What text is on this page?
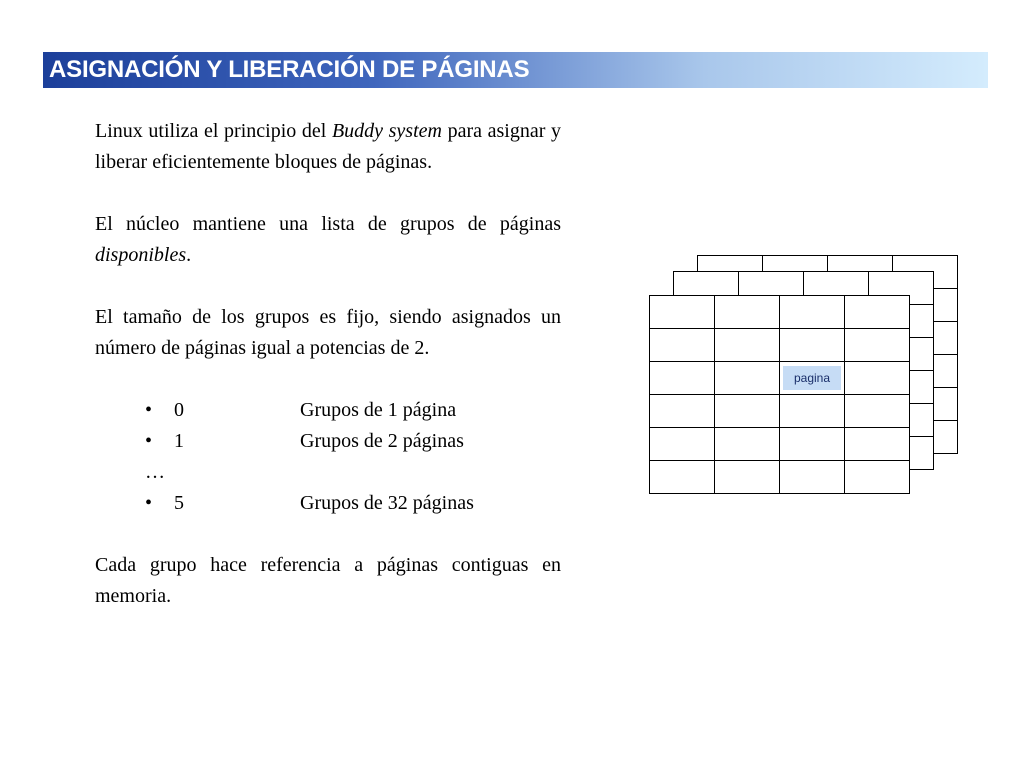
ASIGNACIÓN Y LIBERACIÓN DE PÁGINAS

Linux utiliza el principio del Buddy system para asignar y liberar eficientemente bloques de páginas.

El núcleo mantiene una lista de grupos de páginas disponibles.

El tamaño de los grupos es fijo, siendo asignados un número de páginas igual a potencias de 2.

• 0	Grupos de 1 página
• 1	Grupos de 2 páginas
…
• 5	Grupos de 32 páginas

Cada grupo hace referencia a páginas contiguas en memoria.

		pagina	
